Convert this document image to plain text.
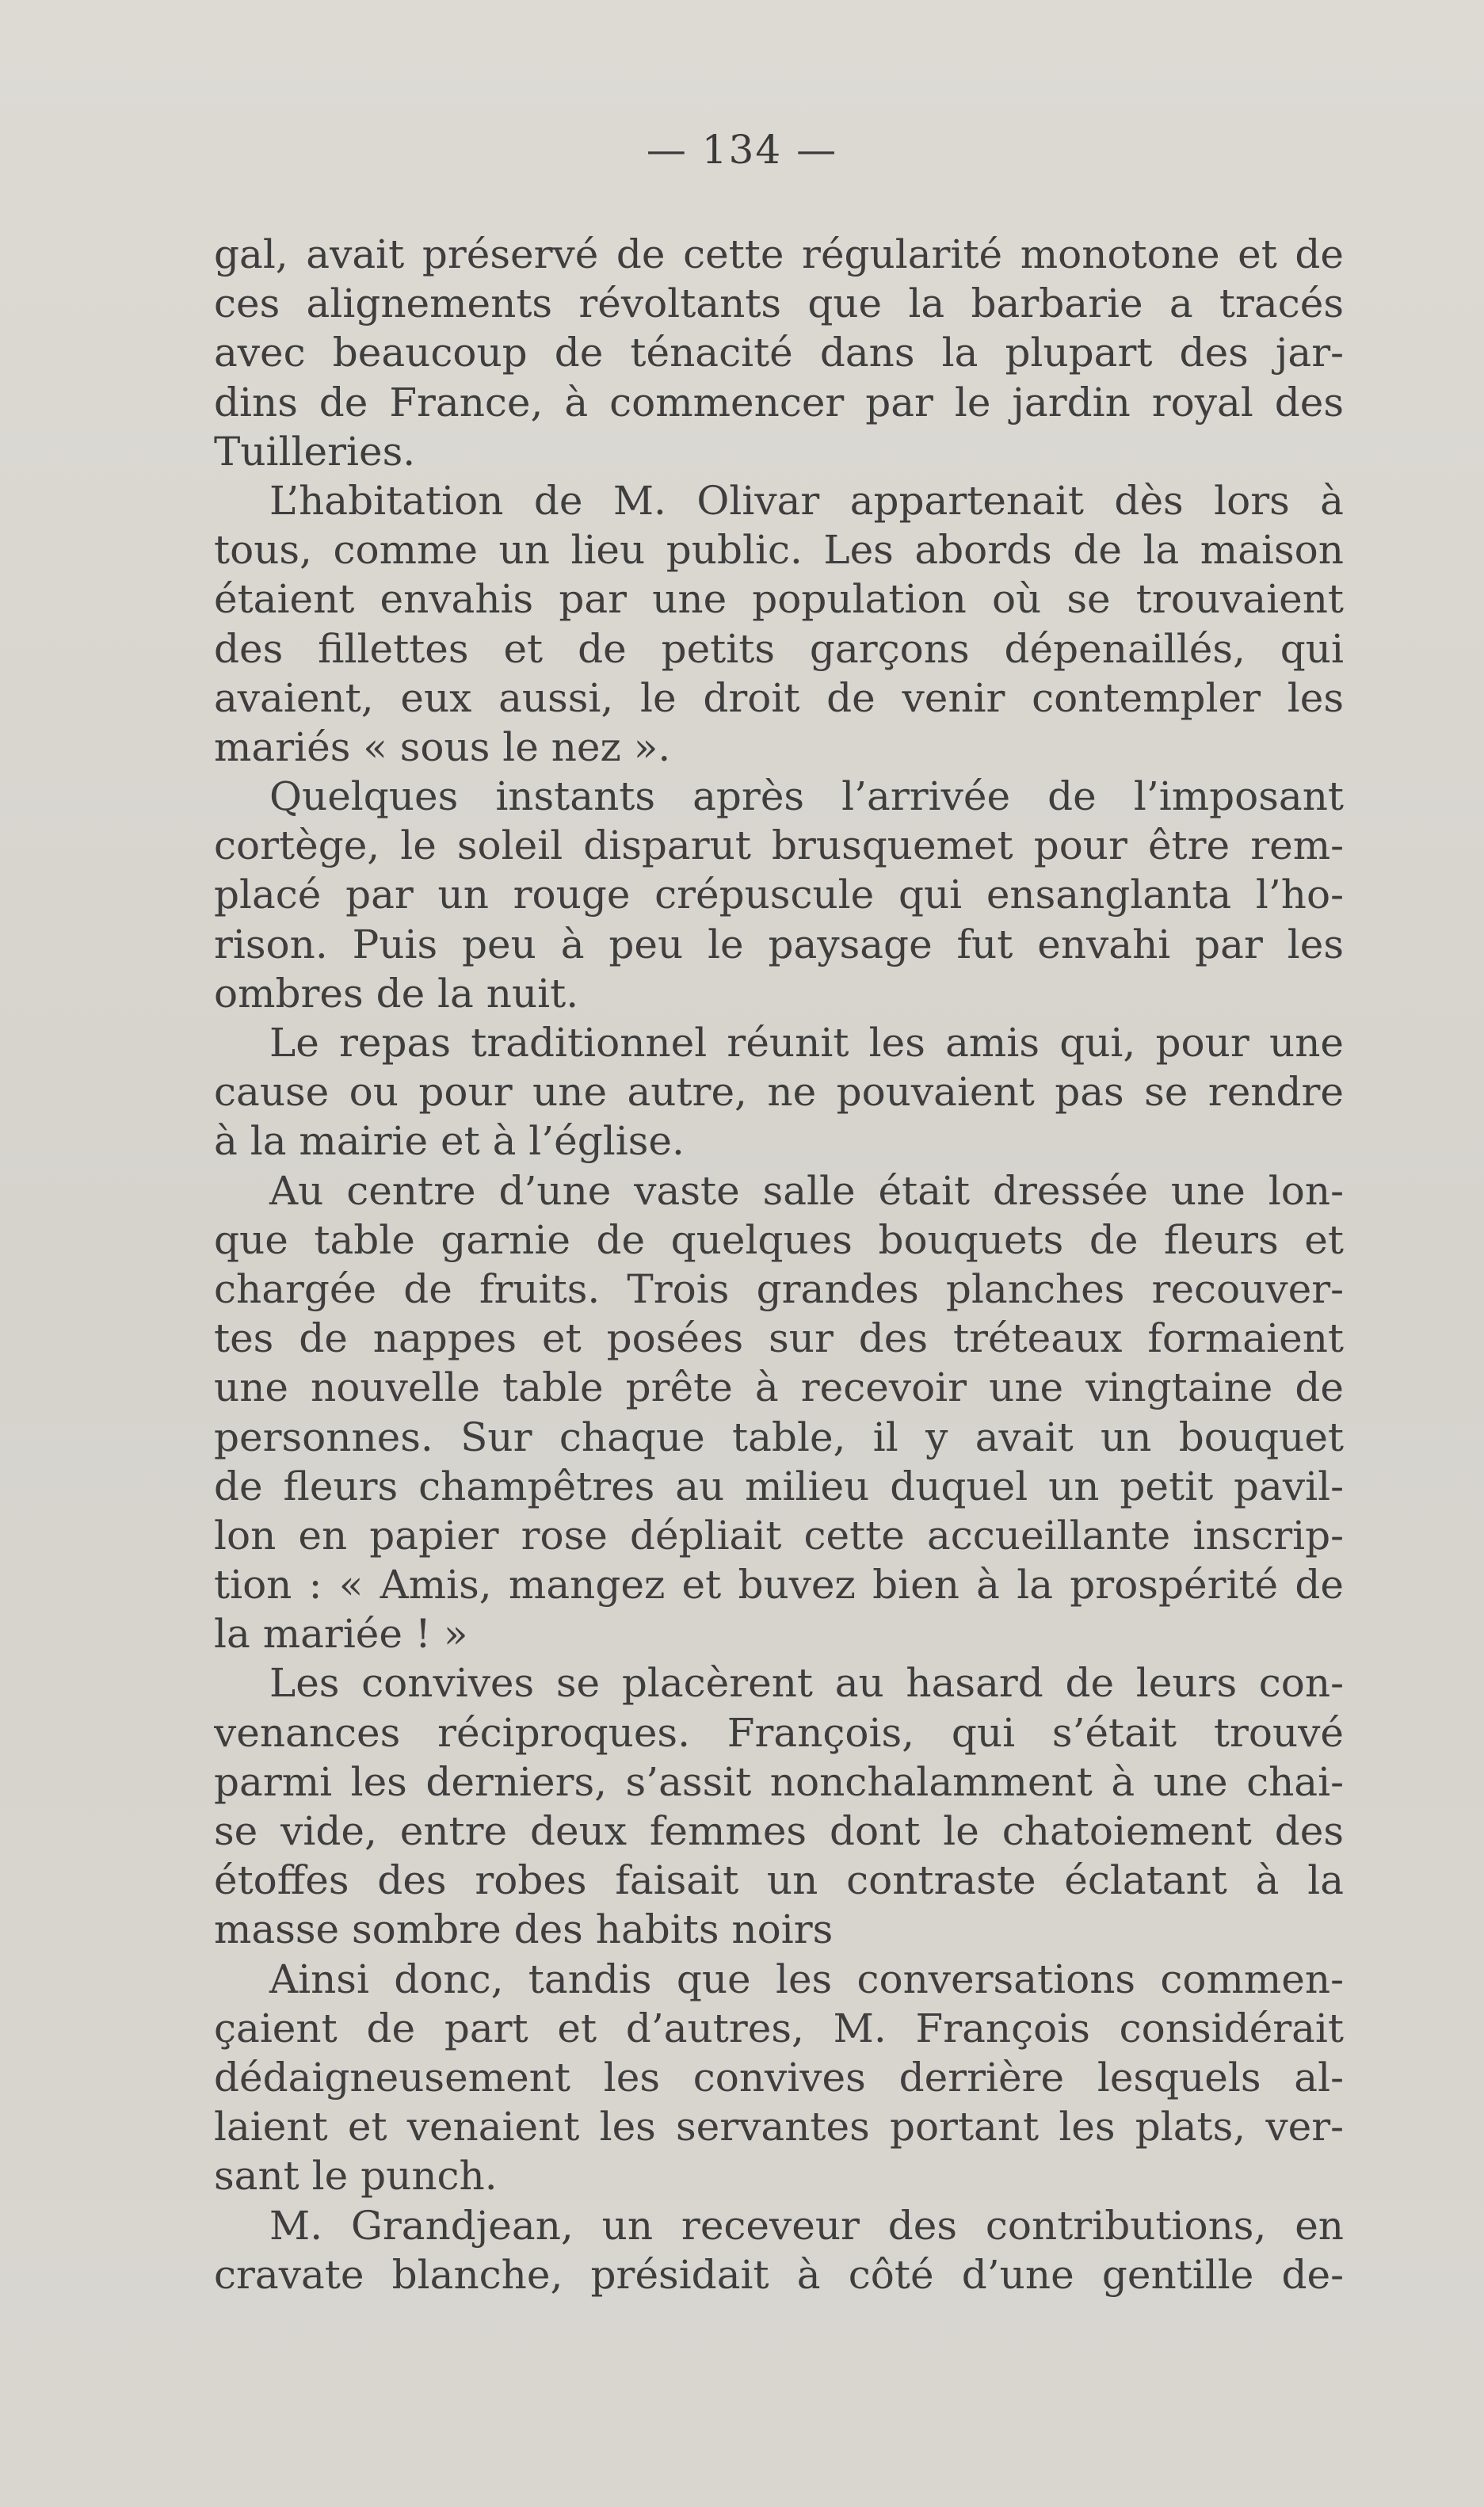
— 134 —
gal, avait préservé de cette régularité monotone et de
ces alignements révoltants que la barbarie a tracés
avec beaucoup de ténacité dans la plupart des jar-
dins de France, à commencer par le jardin royal des
Tuilleries.
L’habitation de M. Olivar appartenait dès lors à
tous, comme un lieu public. Les abords de la maison
étaient envahis par une population où se trouvaient
des fillettes et de petits garçons dépenaillés, qui
avaient, eux aussi, le droit de venir contempler les
mariés « sous le nez ».
Quelques instants après l’arrivée de l’imposant
cortège, le soleil disparut brusquemet pour être rem-
placé par un rouge crépuscule qui ensanglanta l’ho-
rison. Puis peu à peu le paysage fut envahi par les
ombres de la nuit.
Le repas traditionnel réunit les amis qui, pour une
cause ou pour une autre, ne pouvaient pas se rendre
à la mairie et à l’église.
Au centre d’une vaste salle était dressée une lon-
que table garnie de quelques bouquets de fleurs et
chargée de fruits. Trois grandes planches recouver-
tes de nappes et posées sur des tréteaux formaient
une nouvelle table prête à recevoir une vingtaine de
personnes. Sur chaque table, il y avait un bouquet
de fleurs champêtres au milieu duquel un petit pavil-
lon en papier rose dépliait cette accueillante inscrip-
tion : « Amis, mangez et buvez bien à la prospérité de
la mariée ! »
Les convives se placèrent au hasard de leurs con-
venances réciproques. François, qui s’était trouvé
parmi les derniers, s’assit nonchalamment à une chai-
se vide, entre deux femmes dont le chatoiement des
étoffes des robes faisait un contraste éclatant à la
masse sombre des habits noirs
Ainsi donc, tandis que les conversations commen-
çaient de part et d’autres, M. François considérait
dédaigneusement les convives derrière lesquels al-
laient et venaient les servantes portant les plats, ver-
sant le punch.
M. Grandjean, un receveur des contributions, en
cravate blanche, présidait à côté d’une gentille de-
